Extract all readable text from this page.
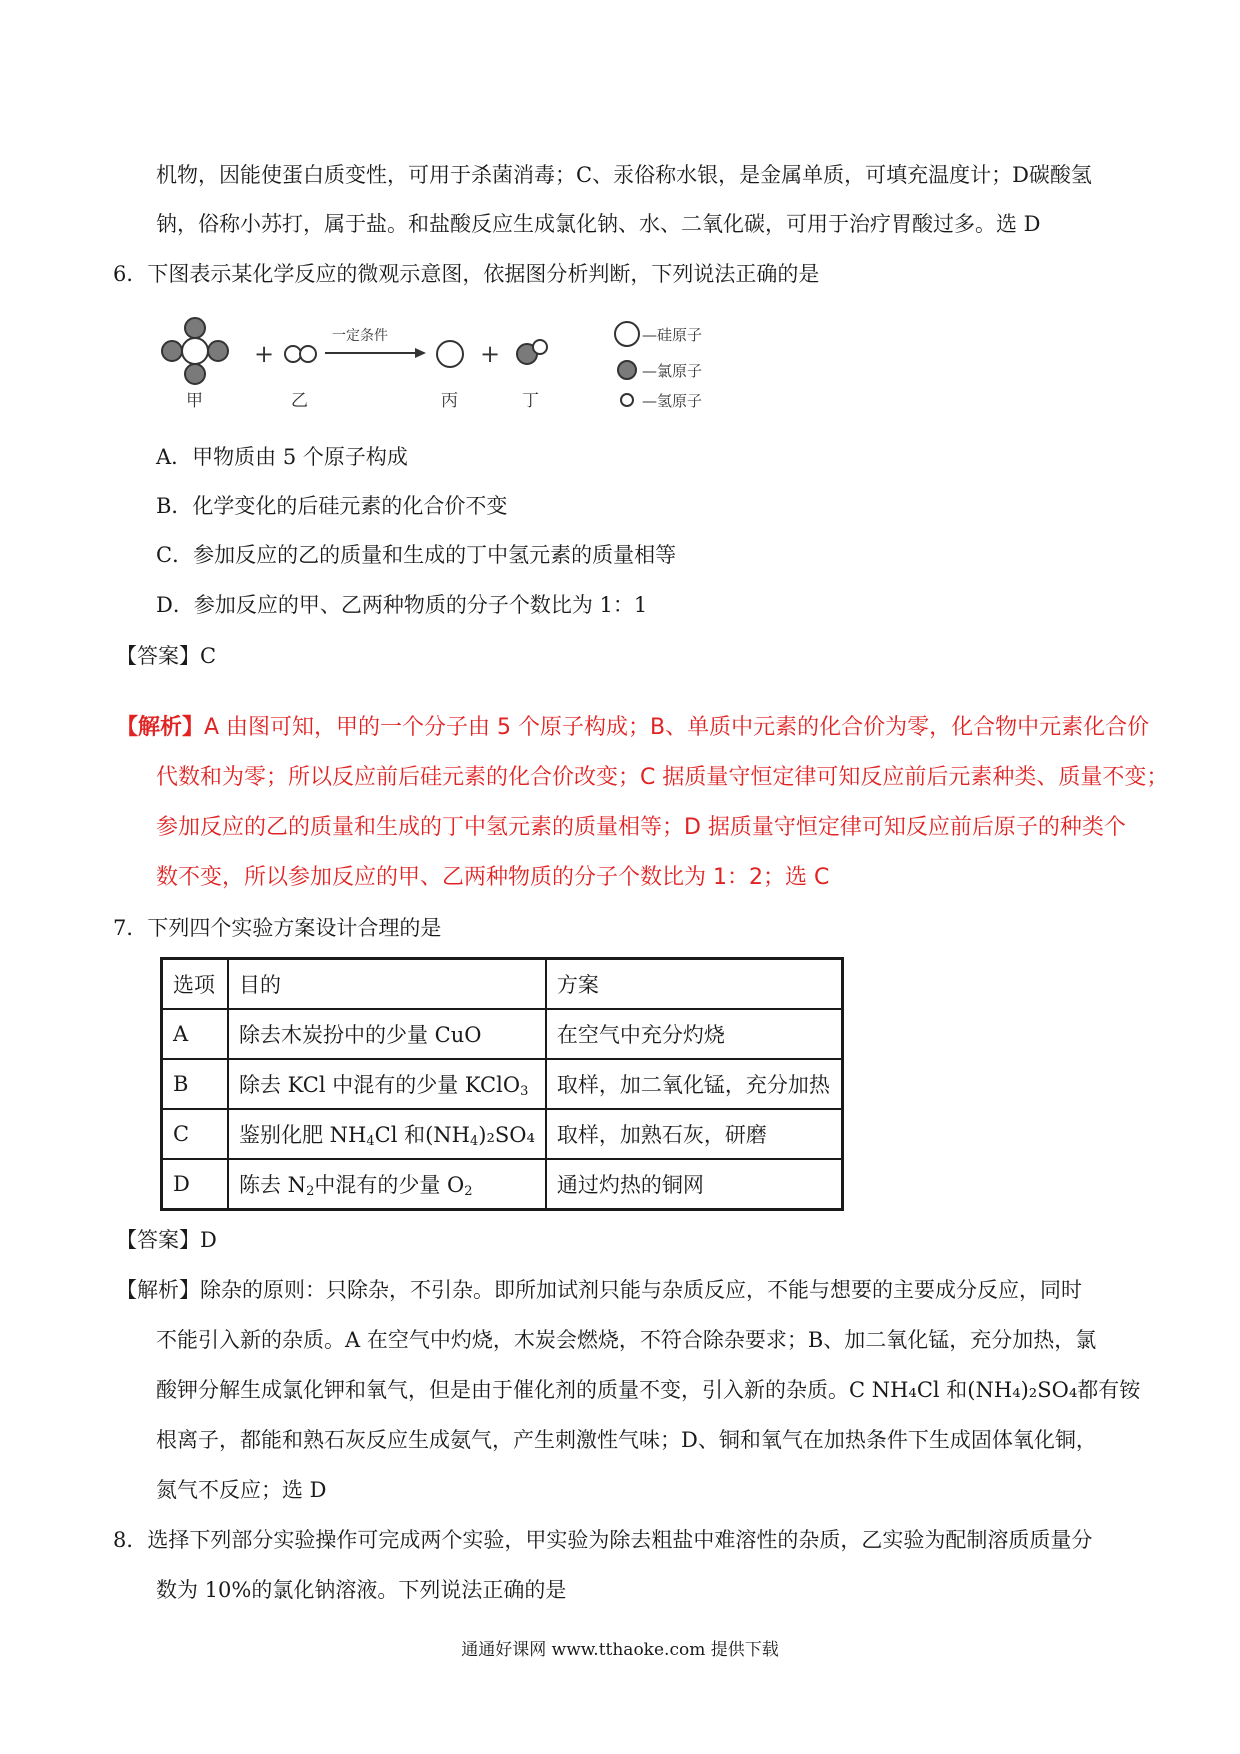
机物，因能使蛋白质变性，可用于杀菌消毒；C、汞俗称水银，是金属单质，可填充温度计；D碳酸氢
钠，俗称小苏打，属于盐。和盐酸反应生成氯化钠、水、二氧化碳，可用于治疗胃酸过多。选 D
6．下图表示某化学反应的微观示意图，依据图分析判断，下列说法正确的是
+
一定条件
+
甲	乙	丙	丁
—硅原子
—氯原子
—氢原子
A．甲物质由 5 个原子构成
B．化学变化的后硅元素的化合价不变
C．参加反应的乙的质量和生成的丁中氢元素的质量相等
D．参加反应的甲、乙两种物质的分子个数比为 1：1
【答案】C
【解析】A 由图可知，甲的一个分子由 5 个原子构成；B、单质中元素的化合价为零，化合物中元素化合价
代数和为零；所以反应前后硅元素的化合价改变；C 据质量守恒定律可知反应前后元素种类、质量不变；
参加反应的乙的质量和生成的丁中氢元素的质量相等；D 据质量守恒定律可知反应前后原子的种类个
数不变，所以参加反应的甲、乙两种物质的分子个数比为 1：2；选 C
7．下列四个实验方案设计合理的是
选项	目的	方案
A	除去木炭扮中的少量 CuO	在空气中充分灼烧
B	除去 KCl 中混有的少量 KClO$_3$	取样，加二氧化锰，充分加热
C	鉴别化肥 $NH_4Cl$ 和$(NH_4)_2SO_4$	取样，加熟石灰，研磨
D	陈去 $N_2$中混有的少量 $O_2$	通过灼热的铜网
【答案】D
【解析】除杂的原则：只除杂，不引杂。即所加试剂只能与杂质反应，不能与想要的主要成分反应，同时
不能引入新的杂质。A 在空气中灼烧，木炭会燃烧，不符合除杂要求；B、加二氧化锰，充分加热，氯
酸钾分解生成氯化钾和氧气，但是由于催化剂的质量不变，引入新的杂质。C NH₄Cl 和(NH₄)₂SO₄都有铵
根离子，都能和熟石灰反应生成氨气，产生刺激性气味；D、铜和氧气在加热条件下生成固体氧化铜，
氮气不反应；选 D
8．选择下列部分实验操作可完成两个实验，甲实验为除去粗盐中难溶性的杂质，乙实验为配制溶质质量分
数为 10%的氯化钠溶液。下列说法正确的是
通通好课网 www.tthaoke.com 提供下载
